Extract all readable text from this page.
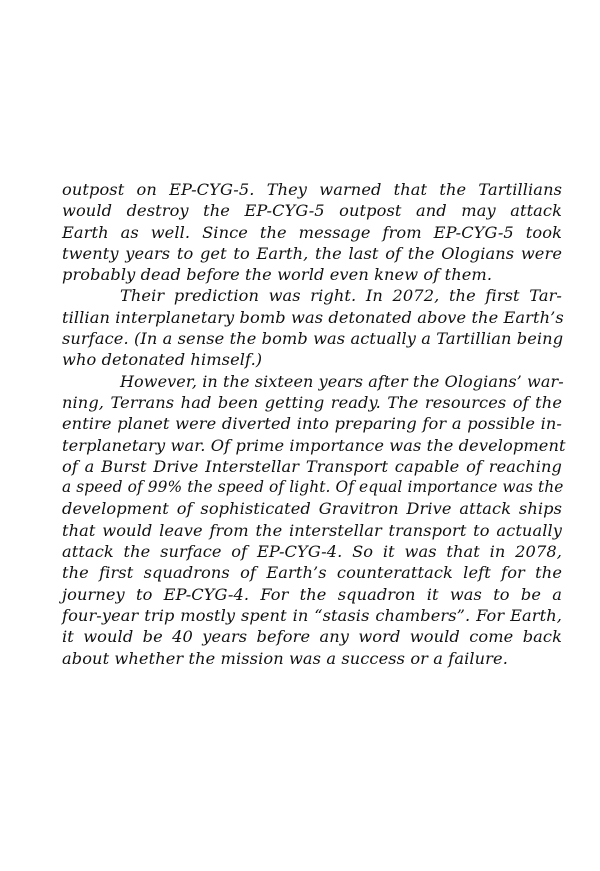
outpost on EP-CYG-5. They warned that the Tartillians
would destroy the EP-CYG-5 outpost and may attack
Earth as well. Since the message from EP-CYG-5 took
twenty years to get to Earth, the last of the Ologians were
probably dead before the world even knew of them.
Their prediction was right. In 2072, the first Tar-
tillian interplanetary bomb was detonated above the Earth’s
surface. (In a sense the bomb was actually a Tartillian being
who detonated himself.)
However, in the sixteen years after the Ologians’ war-
ning, Terrans had been getting ready. The resources of the
entire planet were diverted into preparing for a possible in-
terplanetary war. Of prime importance was the development
of a Burst Drive Interstellar Transport capable of reaching
a speed of 99% the speed of light. Of equal importance was the
development of sophisticated Gravitron Drive attack ships
that would leave from the interstellar transport to actually
attack the surface of EP-CYG-4. So it was that in 2078,
the first squadrons of Earth’s counterattack left for the
journey to EP-CYG-4. For the squadron it was to be a
four-year trip mostly spent in “stasis chambers”. For Earth,
it would be 40 years before any word would come back
about whether the mission was a success or a failure.
